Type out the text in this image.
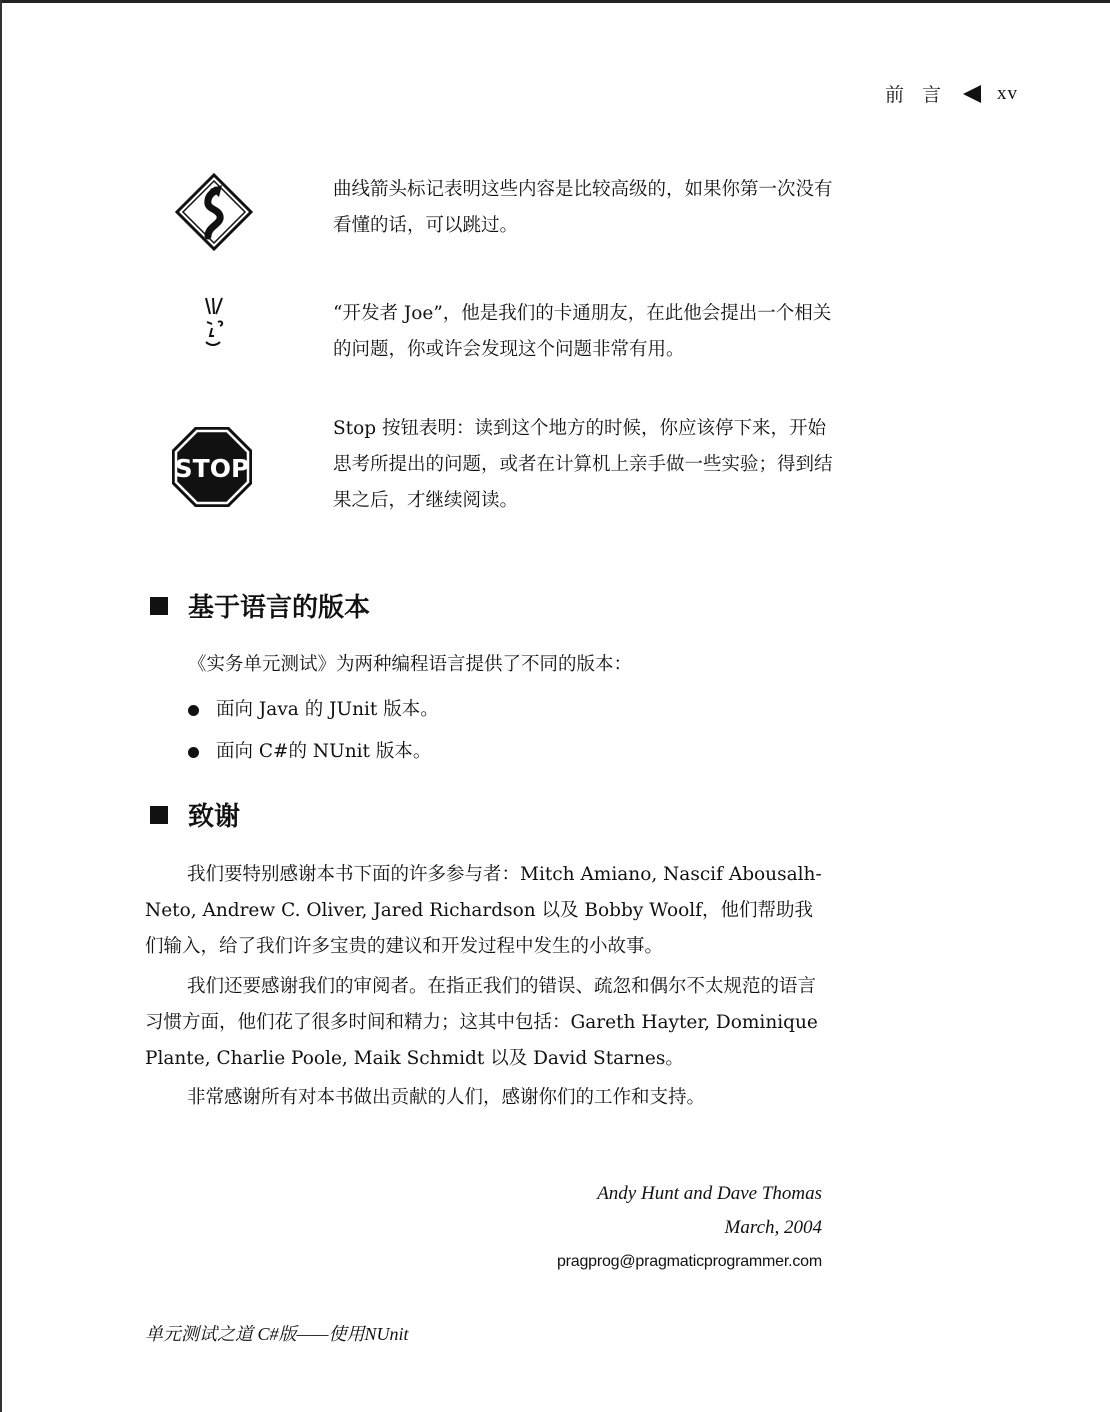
前 言	xv
曲线箭头标记表明这些内容是比较高级的，如果你第一次没有看懂的话，可以跳过。
“开发者 Joe”，他是我们的卡通朋友，在此他会提出一个相关的问题，你或许会发现这个问题非常有用。
STOP
Stop 按钮表明：读到这个地方的时候，你应该停下来，开始思考所提出的问题，或者在计算机上亲手做一些实验；得到结果之后，才继续阅读。
基于语言的版本
《实务单元测试》为两种编程语言提供了不同的版本：
面向 Java 的 JUnit 版本。
面向 C#的 NUnit 版本。
致谢
我们要特别感谢本书下面的许多参与者：Mitch Amiano, Nascif Abousalh-Neto, Andrew C. Oliver, Jared Richardson 以及 Bobby Woolf，他们帮助我们输入，给了我们许多宝贵的建议和开发过程中发生的小故事。
我们还要感谢我们的审阅者。在指正我们的错误、疏忽和偶尔不太规范的语言习惯方面，他们花了很多时间和精力；这其中包括：Gareth Hayter, Dominique Plante, Charlie Poole, Maik Schmidt 以及 David Starnes。
非常感谢所有对本书做出贡献的人们，感谢你们的工作和支持。
Andy Hunt and Dave Thomas
March, 2004
pragprog@pragmaticprogrammer.com
单元测试之道 C#版——使用NUnit
